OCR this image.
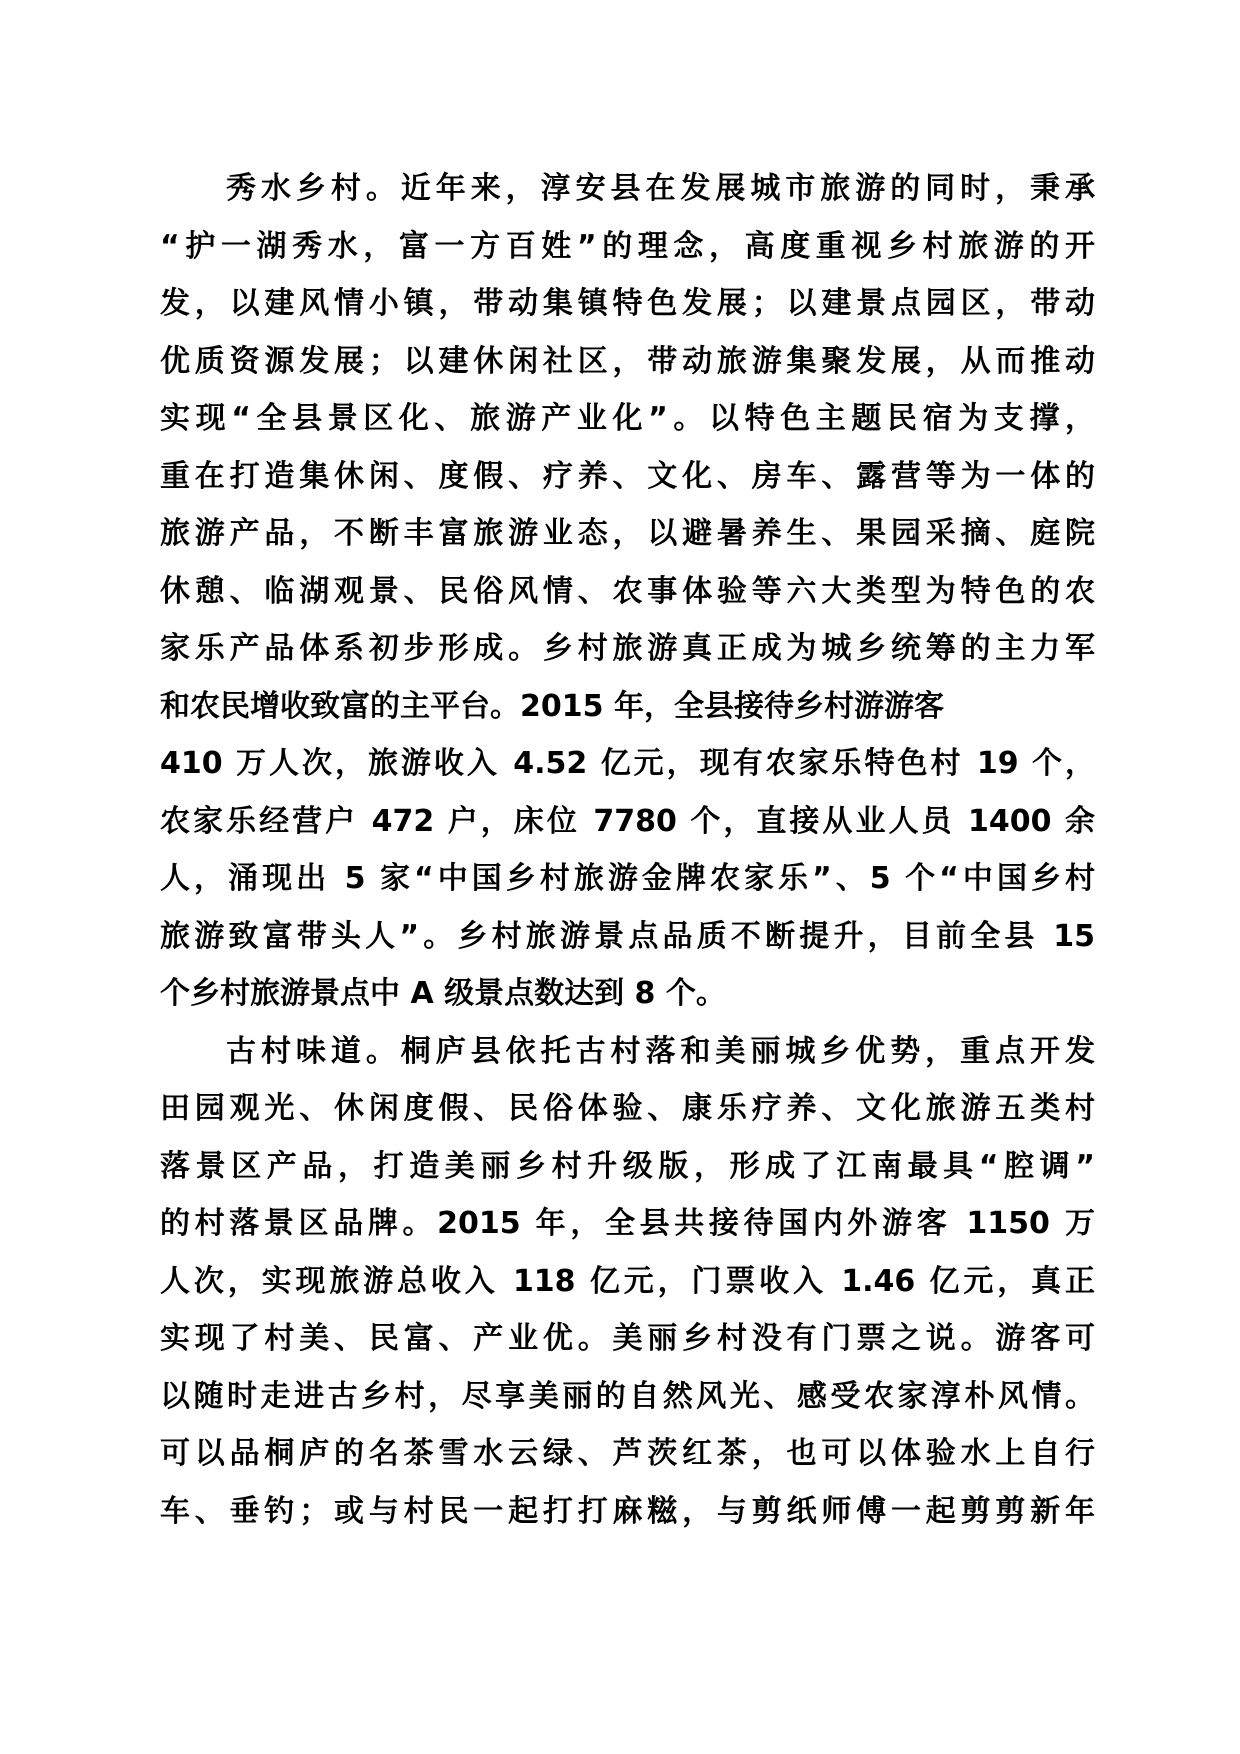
秀水乡村。近年来，淳安县在发展城市旅游的同时，秉承
“护一湖秀水，富一方百姓”的理念，高度重视乡村旅游的开
发，以建风情小镇，带动集镇特色发展；以建景点园区，带动
优质资源发展；以建休闲社区，带动旅游集聚发展，从而推动
实现“全县景区化、旅游产业化”。以特色主题民宿为支撑，
重在打造集休闲、度假、疗养、文化、房车、露营等为一体的
旅游产品，不断丰富旅游业态，以避暑养生、果园采摘、庭院
休憩、临湖观景、民俗风情、农事体验等六大类型为特色的农
家乐产品体系初步形成。乡村旅游真正成为城乡统筹的主力军
和农民增收致富的主平台。2015 年，全县接待乡村游游客
410 万人次，旅游收入 4.52 亿元，现有农家乐特色村 19 个，
农家乐经营户 472 户，床位 7780 个，直接从业人员 1400 余
人，涌现出 5 家“中国乡村旅游金牌农家乐”、5 个“中国乡村
旅游致富带头人”。乡村旅游景点品质不断提升，目前全县 15
个乡村旅游景点中 A 级景点数达到 8 个。
古村味道。桐庐县依托古村落和美丽城乡优势，重点开发
田园观光、休闲度假、民俗体验、康乐疗养、文化旅游五类村
落景区产品，打造美丽乡村升级版，形成了江南最具“腔调”
的村落景区品牌。2015 年，全县共接待国内外游客 1150 万
人次，实现旅游总收入 118 亿元，门票收入 1.46 亿元，真正
实现了村美、民富、产业优。美丽乡村没有门票之说。游客可
以随时走进古乡村，尽享美丽的自然风光、感受农家淳朴风情。
可以品桐庐的名茶雪水云绿、芦茨红茶，也可以体验水上自行
车、垂钓；或与村民一起打打麻糍，与剪纸师傅一起剪剪新年
